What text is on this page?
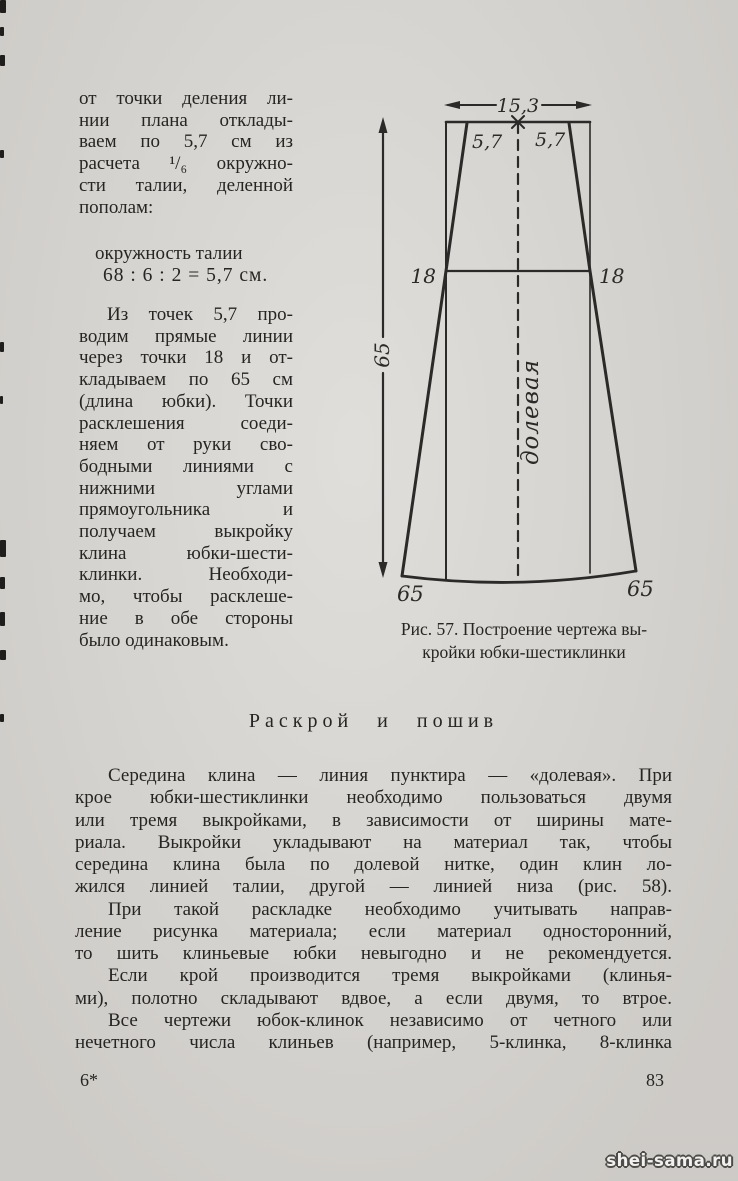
от точки деления ли-
нии плана отклады-
ваем по 5,7 см из
расчета ¹/₆ окружно-
сти талии, деленной
пополам:
окружность талии
68 : 6 : 2 = 5,7 см.
Из точек 5,7 про-
водим прямые линии
через точки 18 и от-
кладываем по 65 см
(длина юбки). Точки
расклешения соеди-
няем от руки сво-
бодными линиями с
нижними углами
прямоугольника и
получаем выкройку
клина юбки-шести-
клинки. Необходи-
мо, чтобы расклеше-
ние в обе стороны
было одинаковым.
15,3
5,7 5,7
18	18
65
долевая
65	65
Рис. 57. Построение чертежа вы-
кройки юбки-шестиклинки
Раскрой и пошив
Середина клина — линия пунктира — «долевая». При
крое юбки-шестиклинки необходимо пользоваться двумя
или тремя выкройками, в зависимости от ширины мате-
риала. Выкройки укладывают на материал так, чтобы
середина клина была по долевой нитке, один клин ло-
жился линией талии, другой — линией низа (рис. 58).
При такой раскладке необходимо учитывать направ-
ление рисунка материала; если материал односторонний,
то шить клиньевые юбки невыгодно и не рекомендуется.
Если крой производится тремя выкройками (клинья-
ми), полотно складывают вдвое, а если двумя, то втрое.
Все чертежи юбок-клинок независимо от четного или
нечетного числа клиньев (например, 5-клинка, 8-клинка
6*	83
shei-sama.ru
